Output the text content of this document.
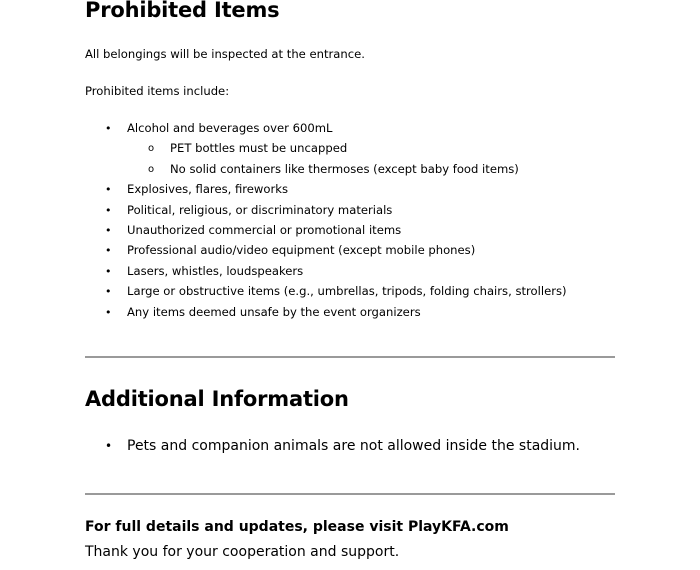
Prohibited Items
All belongings will be inspected at the entrance.
Prohibited items include:
• Alcohol and beverages over 600mL
o PET bottles must be uncapped
o No solid containers like thermoses (except baby food items)
• Explosives, flares, fireworks
• Political, religious, or discriminatory materials
• Unauthorized commercial or promotional items
• Professional audio/video equipment (except mobile phones)
• Lasers, whistles, loudspeakers
• Large or obstructive items (e.g., umbrellas, tripods, folding chairs, strollers)
• Any items deemed unsafe by the event organizers
Additional Information
• Pets and companion animals are not allowed inside the stadium.
For full details and updates, please visit PlayKFA.com
Thank you for your cooperation and support.
